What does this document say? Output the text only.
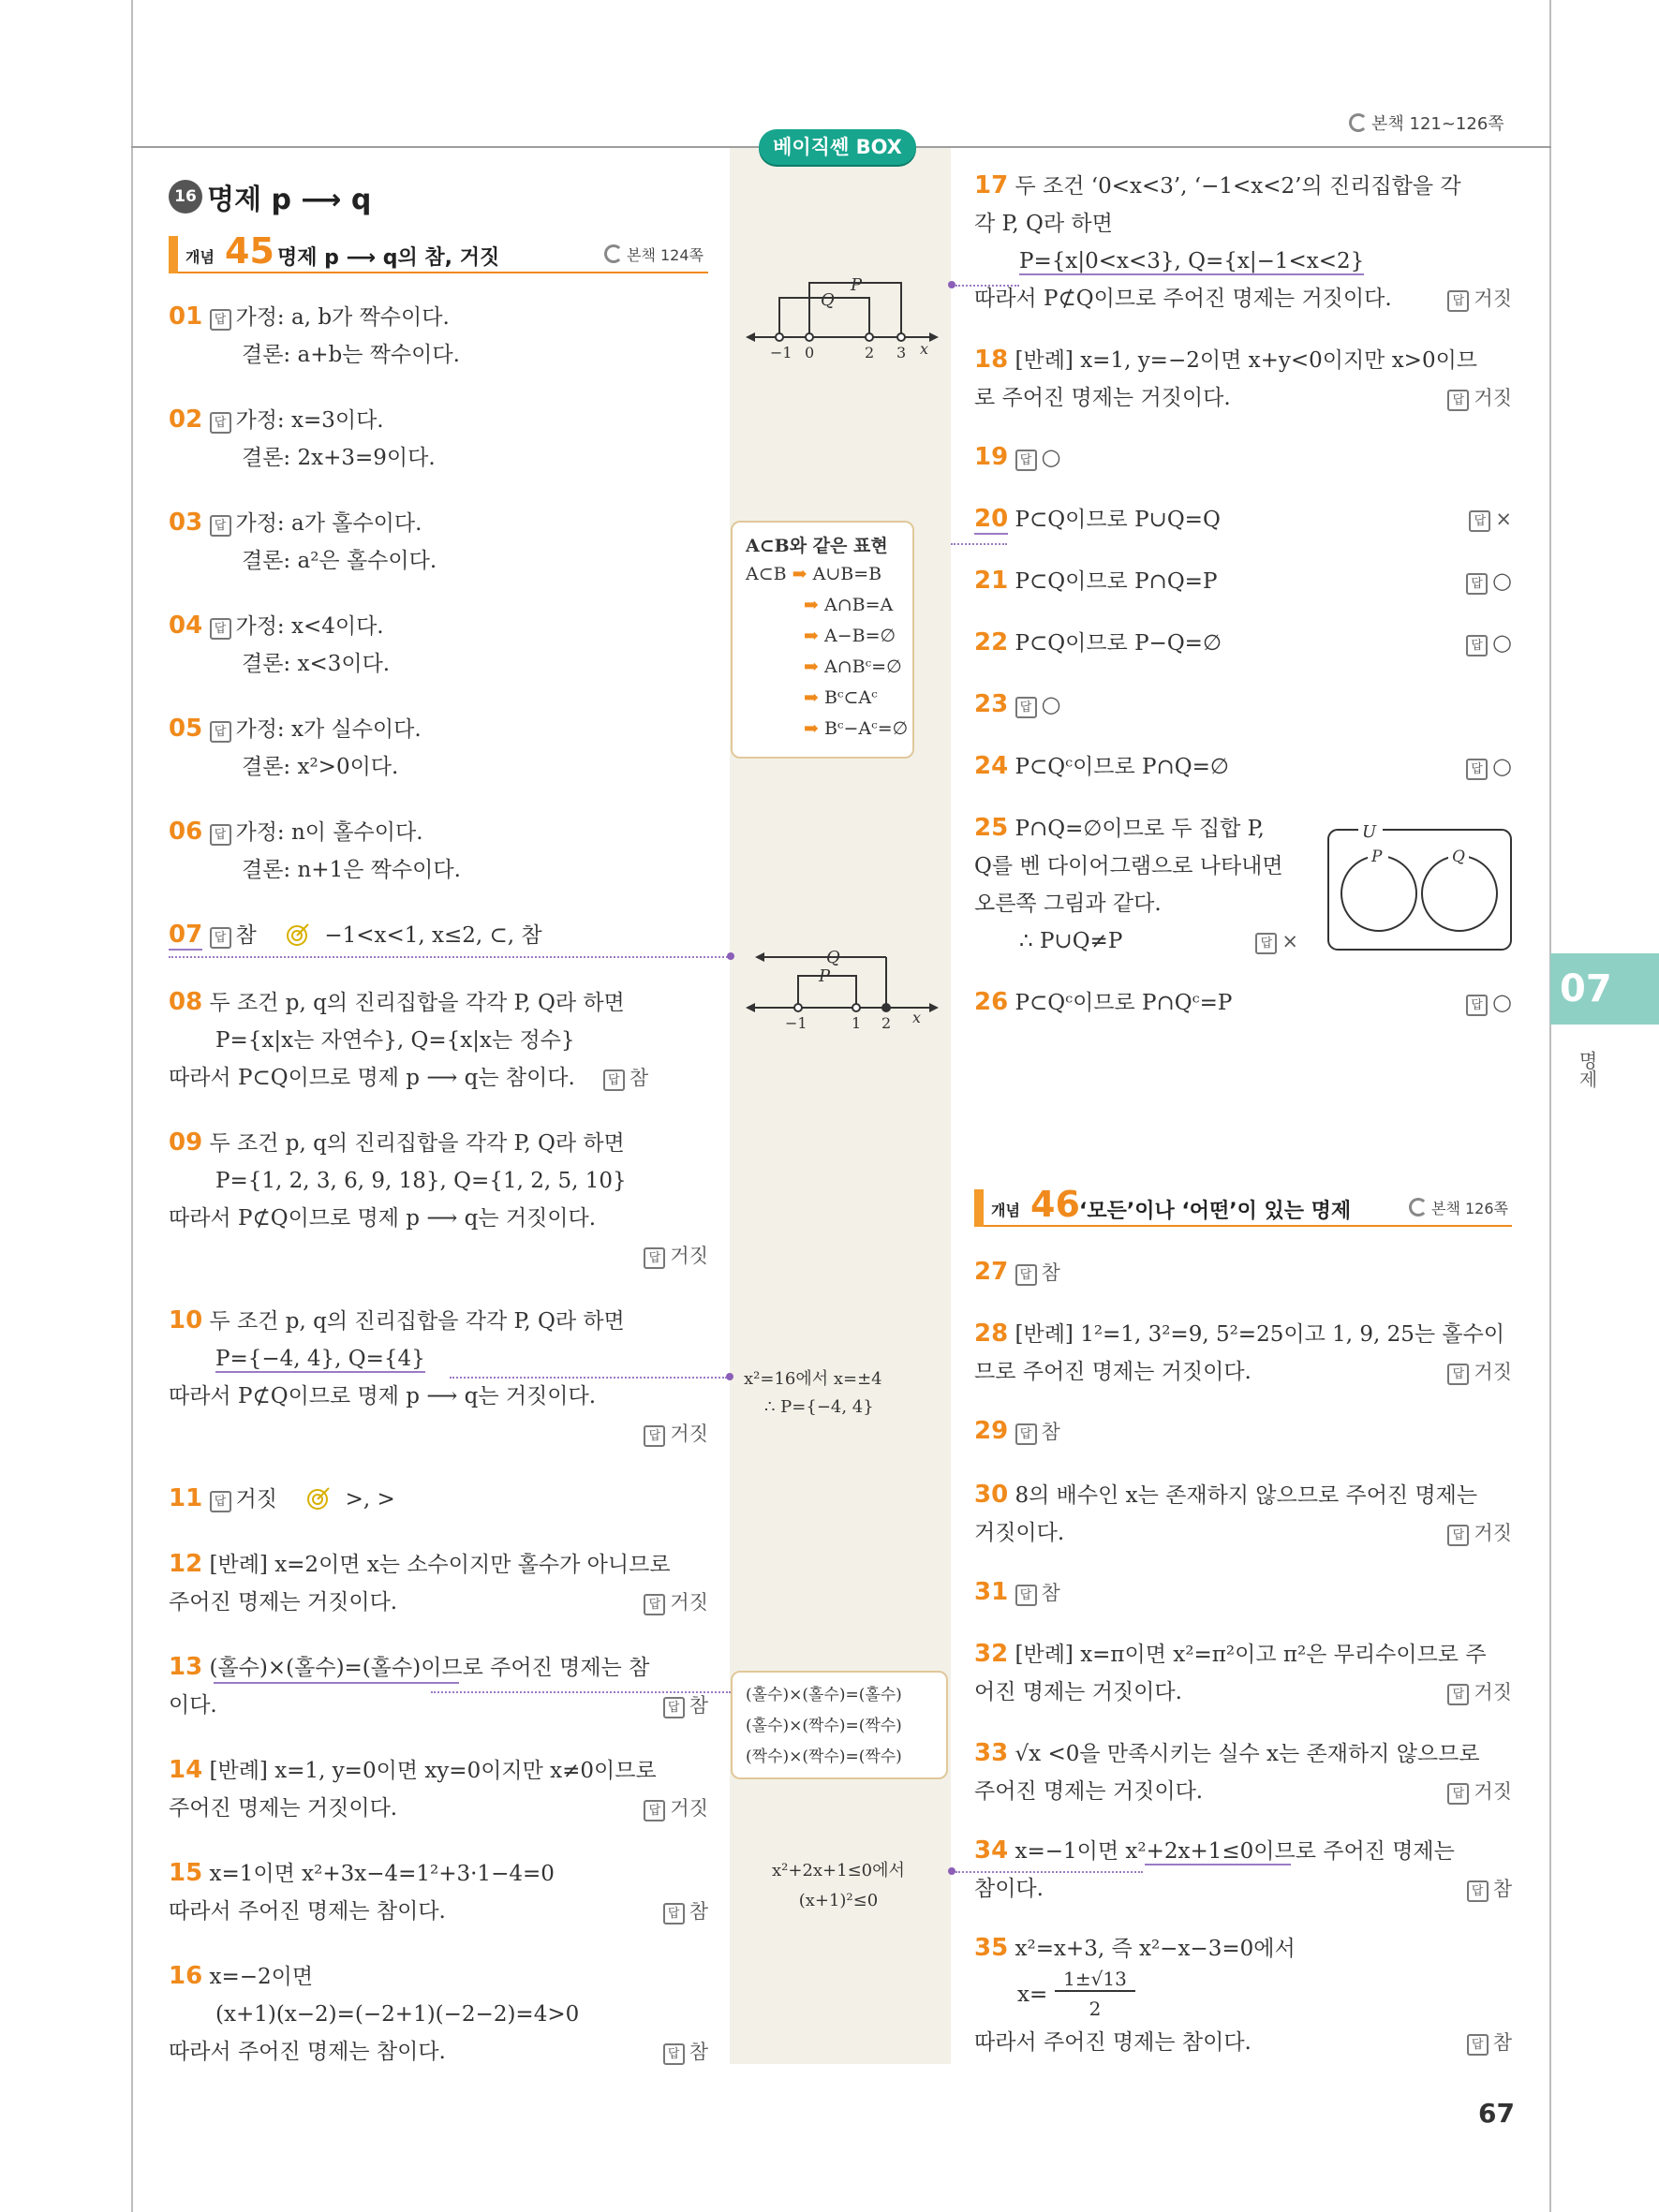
본책 121~126쪽
베이직쎈 BOX
16 명제 p ⟶ q
개념 45 명제 p ⟶ q의 참, 거짓	본책 124쪽
개념 46 ‘모든’이나 ‘어떤’이 있는 명제	본책 126쪽
01 답 가정: a, b가 짝수이다.
결론: a+b는 짝수이다.
02 답 가정: x=3이다.
결론: 2x+3=9이다.
03 답 가정: a가 홀수이다.
결론: a²은 홀수이다.
04 답 가정: x<4이다.
결론: x<3이다.
05 답 가정: x가 실수이다.
결론: x²>0이다.
06 답 가정: n이 홀수이다.
결론: n+1은 짝수이다.
07 답 참	−1<x<1, x≤2, ⊂, 참
08 두 조건 p, q의 진리집합을 각각 P, Q라 하면
P={x|x는 자연수}, Q={x|x는 정수}
따라서 P⊂Q이므로 명제 p ⟶ q는 참이다.	답 참
09 두 조건 p, q의 진리집합을 각각 P, Q라 하면
P={1, 2, 3, 6, 9, 18}, Q={1, 2, 5, 10}
따라서 P⊄Q이므로 명제 p ⟶ q는 거짓이다.
답 거짓
10 두 조건 p, q의 진리집합을 각각 P, Q라 하면
P={−4, 4}, Q={4}
따라서 P⊄Q이므로 명제 p ⟶ q는 거짓이다.
답 거짓
11 답 거짓	>, >
12 [반례] x=2이면 x는 소수이지만 홀수가 아니므로
주어진 명제는 거짓이다.	답 거짓
13 (홀수)×(홀수)=(홀수)이므로 주어진 명제는 참
이다.	답 참
14 [반례] x=1, y=0이면 xy=0이지만 x≠0이므로
주어진 명제는 거짓이다.	답 거짓
15 x=1이면 x²+3x−4=1²+3·1−4=0
따라서 주어진 명제는 참이다.	답 참
16 x=−2이면
(x+1)(x−2)=(−2+1)(−2−2)=4>0
따라서 주어진 명제는 참이다.	답 참
Q
P
−1 0	2 3 x
A⊂B와 같은 표현
A⊂B ➡ A∪B=B
➡ A∩B=A
➡ A−B=∅
➡ A∩Bᶜ=∅
➡ Bᶜ⊂Aᶜ
➡ Bᶜ−Aᶜ=∅
Q
P
−1	1 2 x
x²=16에서 x=±4
∴ P={−4, 4}
(홀수)×(홀수)=(홀수)
(홀수)×(짝수)=(짝수)
(짝수)×(짝수)=(짝수)
x²+2x+1≤0에서
(x+1)²≤0
17 두 조건 ‘0<x<3’, ‘−1<x<2’의 진리집합을 각
각 P, Q라 하면
P={x|0<x<3}, Q={x|−1<x<2}
따라서 P⊄Q이므로 주어진 명제는 거짓이다.	답 거짓
18 [반례] x=1, y=−2이면 x+y<0이지만 x>0이므
로 주어진 명제는 거짓이다.	답 거짓
19 답 ○
20 P⊂Q이므로 P∪Q=Q	답 ×
21 P⊂Q이므로 P∩Q=P	답 ○
22 P⊂Q이므로 P−Q=∅	답 ○
23 답 ○
24 P⊂Qᶜ이므로 P∩Q=∅	답 ○
25 P∩Q=∅이므로 두 집합 P,
Q를 벤 다이어그램으로 나타내면
오른쪽 그림과 같다.
∴ P∪Q≠P	답 ×
U
P	Q
26 P⊂Qᶜ이므로 P∩Qᶜ=P	답 ○
27 답 참
28 [반례] 1²=1, 3²=9, 5²=25이고 1, 9, 25는 홀수이
므로 주어진 명제는 거짓이다.	답 거짓
29 답 참
30 8의 배수인 x는 존재하지 않으므로 주어진 명제는
거짓이다.	답 거짓
31 답 참
32 [반례] x=π이면 x²=π²이고 π²은 무리수이므로 주
어진 명제는 거짓이다.	답 거짓
33 √x <0을 만족시키는 실수 x는 존재하지 않으므로
주어진 명제는 거짓이다.	답 거짓
34 x=−1이면 x²+2x+1≤0이므로 주어진 명제는
참이다.	답 참
35 x²=x+3, 즉 x²−x−3=0에서
x=
1±√13
2
따라서 주어진 명제는 참이다.	답 참
07
명제
67
